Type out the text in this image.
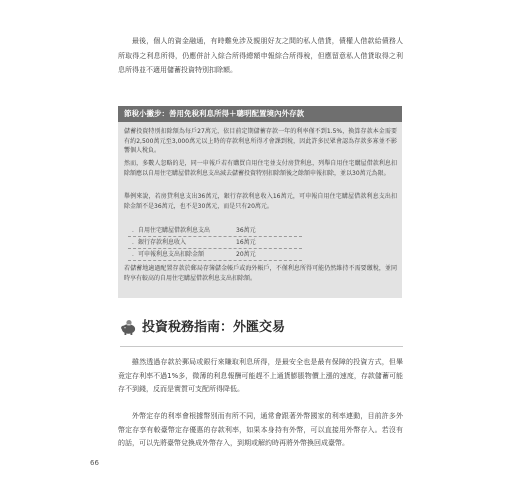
最後，個人的資金融通，有時難免涉及親朋好友之間的私人借貸，債權人借款給債務人所取得之利息所得，仍應併計入綜合所得總額申報綜合所得稅，但應留意私人借貸取得之利息所得並不適用儲蓄投資特別扣除額。

節稅小撇步：善用免稅利息所得＋聰明配置境內外存款

儲蓄投資特別扣除額為每戶27萬元，依目前定期儲蓄存款一年的利率僅不到1.5%，換算存款本金需要有約2,500萬元至3,000萬元以上時的存款利息所得才會課到稅，因此許多民眾會認為存款多寡並不影響個人稅負。

然而，多數人忽略的是，同一申報戶若有購買自用住宅並支付房貸利息，列舉自用住宅購屋借款利息扣除額應以自用住宅購屋借款利息支出減去儲蓄投資特別扣除額後之餘額申報扣除，並以30萬元為限。

舉例來說，若房貸利息支出36萬元，銀行存款利息收入16萬元，可申報自用住宅購屋借款利息支出扣除金額不是36萬元，也不是30萬元，而是只有20萬元。

．自用住宅購屋借款利息支出	36萬元
．銀行存款利息收入	16萬元
．可申報利息支出扣除金額	20萬元

若儲蓄地適過配置存款於郵局存簿儲金帳戶或海外帳戶，不僅利息所得可能仍然維持不需要繳稅，並同時享有較高的自用住宅購屋借款利息支出扣除額。

投資稅務指南：外匯交易

雖然透過存款於郵局或銀行來賺取利息所得，是最安全也是最有保障的投資方式，但畢竟定存利率不過1%多，微薄的利息報酬可能趕不上通貨膨脹物價上漲的速度，存款儲蓄可能存不到錢，反而是實質可支配所得降低。

外幣定存的利率會根據幣別而有所不同，通常會跟著外幣國家的利率連動，目前許多外幣定存享有較臺幣定存優惠的存款利率，如果本身持有外幣，可以直接用外幣存入。若沒有的話，可以先將臺幣兌換成外幣存入，到期或解約時再將外幣換回成臺幣。

66
